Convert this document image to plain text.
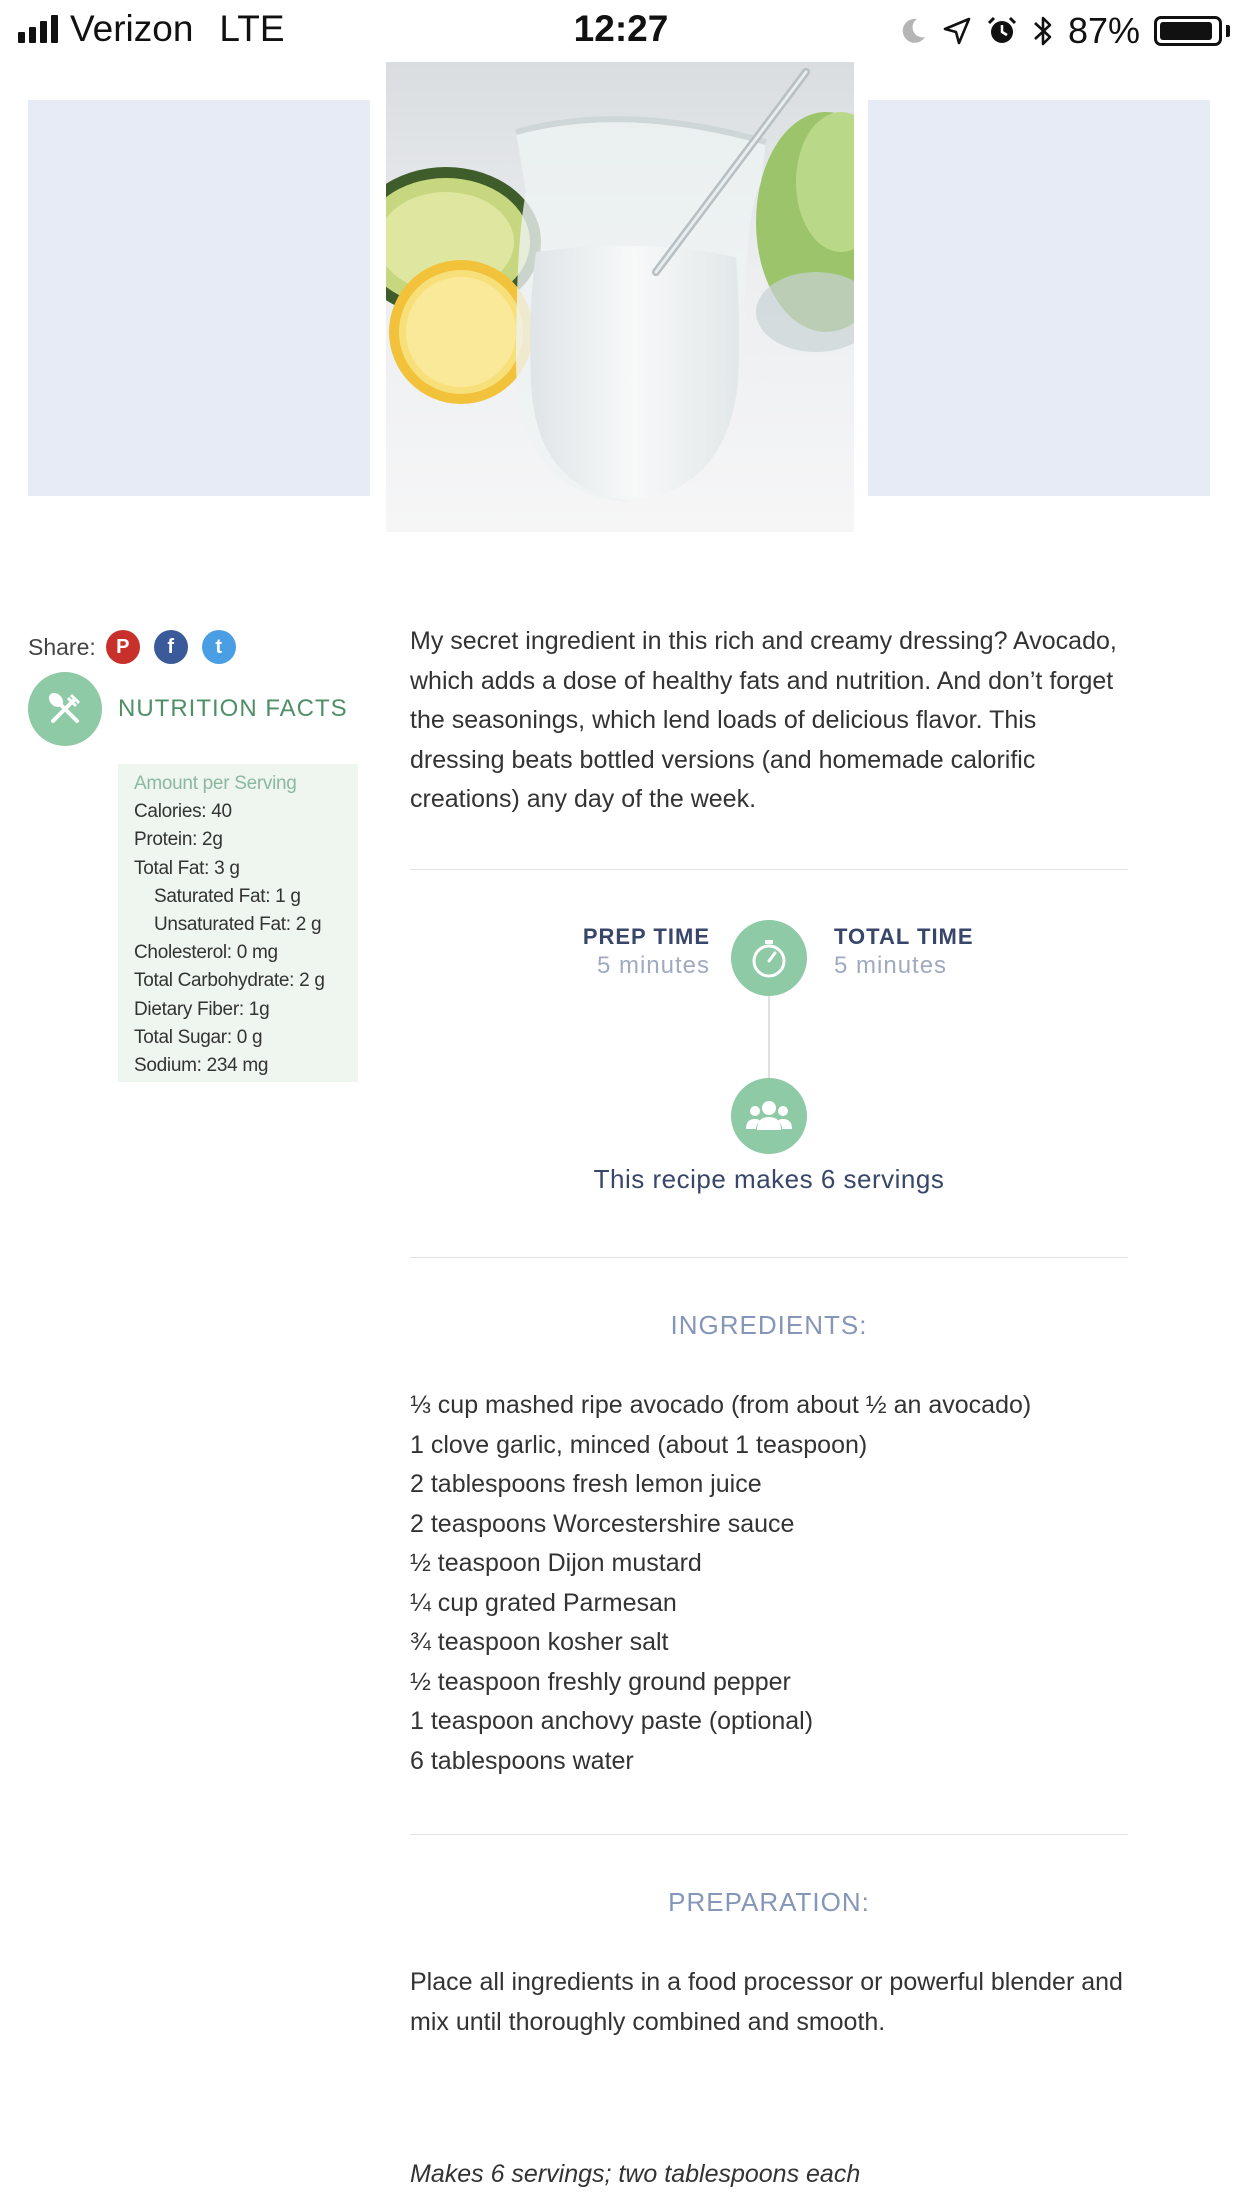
Verizon LTE	12:27	87%
Share:	P	f	t
NUTRITION FACTS
Amount per Serving
Calories: 40
Protein: 2g
Total Fat: 3 g
Saturated Fat: 1 g
Unsaturated Fat: 2 g
Cholesterol: 0 mg
Total Carbohydrate: 2 g
Dietary Fiber: 1g
Total Sugar: 0 g
Sodium: 234 mg
My secret ingredient in this rich and creamy dressing? Avocado, which adds a dose of healthy fats and nutrition. And don’t forget the seasonings, which lend loads of delicious flavor. This dressing beats bottled versions (and homemade calorific creations) any day of the week.
PREP TIME
5 minutes
TOTAL TIME
5 minutes
This recipe makes 6 servings
INGREDIENTS:
⅓ cup mashed ripe avocado (from about ½ an avocado)
1 clove garlic, minced (about 1 teaspoon)
2 tablespoons fresh lemon juice
2 teaspoons Worcestershire sauce
½ teaspoon Dijon mustard
¼ cup grated Parmesan
¾ teaspoon kosher salt
½ teaspoon freshly ground pepper
1 teaspoon anchovy paste (optional)
6 tablespoons water
PREPARATION:
Place all ingredients in a food processor or powerful blender and mix until thoroughly combined and smooth.
Makes 6 servings; two tablespoons each
